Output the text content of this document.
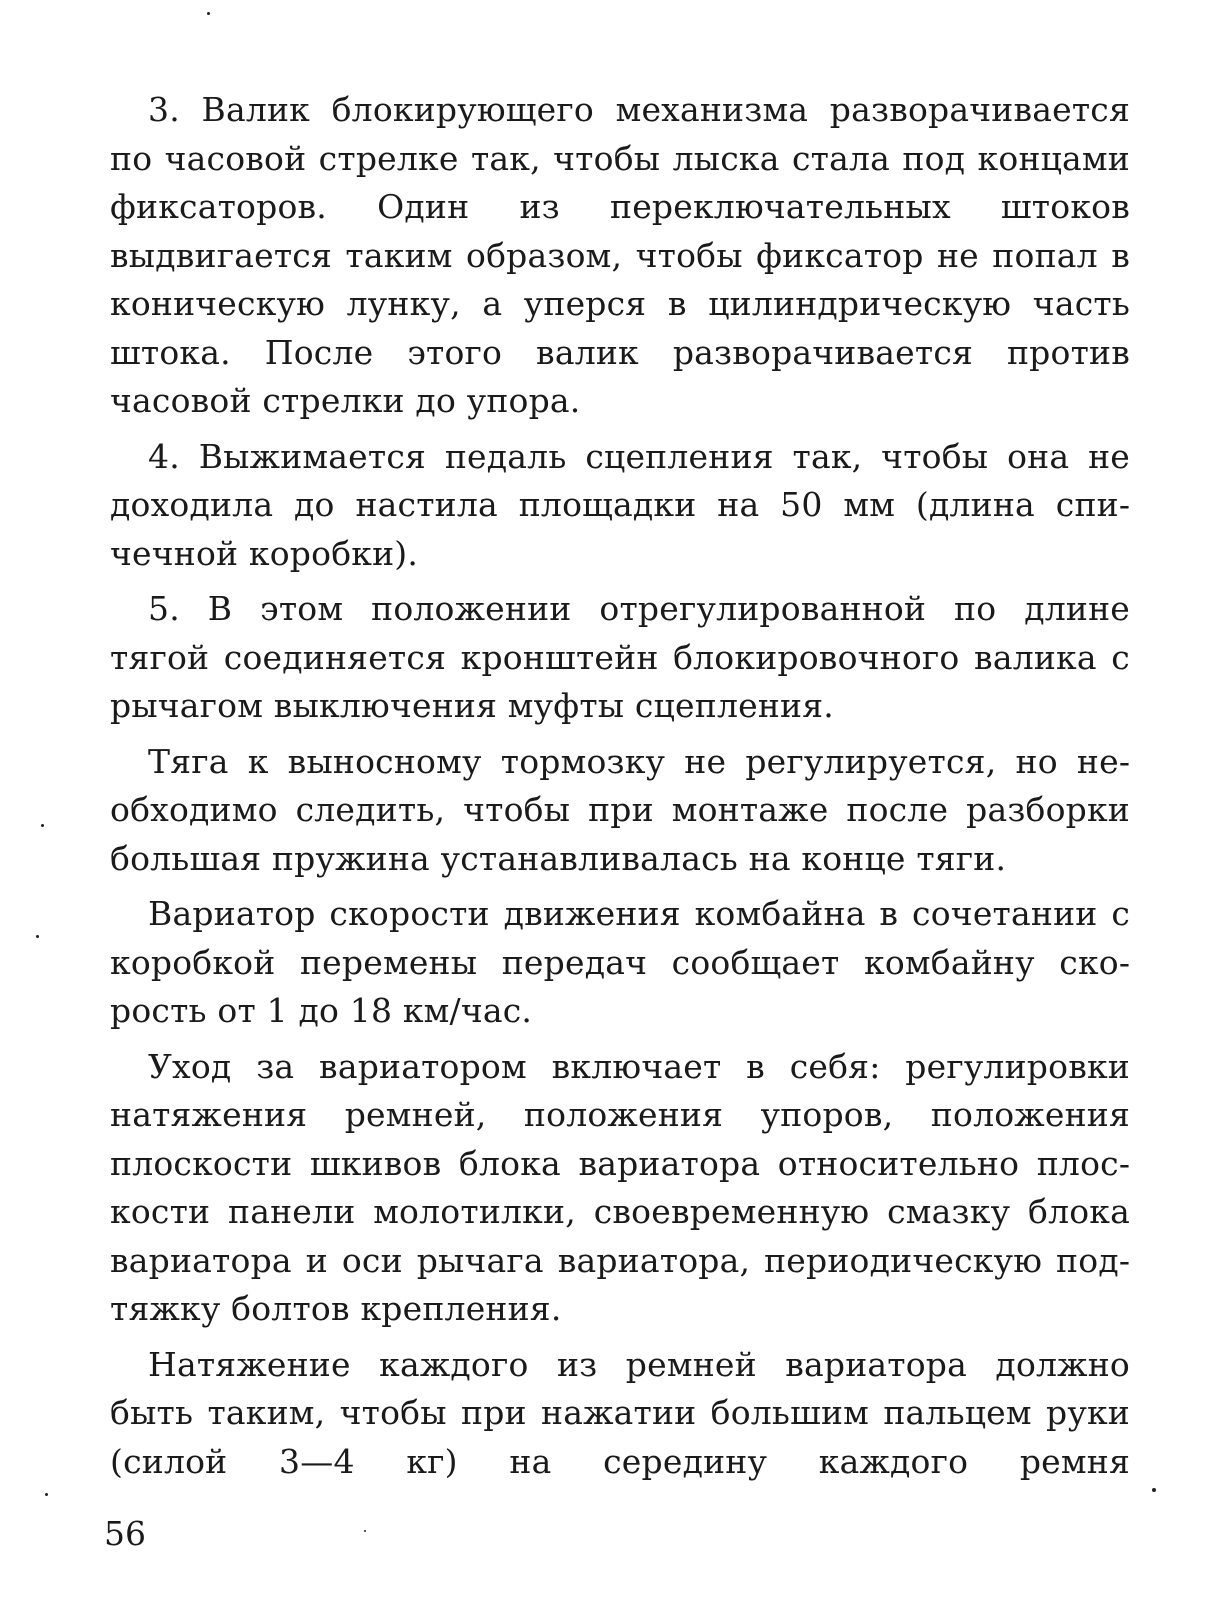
3. Валик блокирующего механизма разворачивается по часовой стрелке так, чтобы лыска стала под концами фиксаторов. Один из переключательных штоков выдвигается таким образом, чтобы фиксатор не попал в коническую лунку, а уперся в цилиндрическую часть штока. После этого валик разворачивается против часовой стрелки до упора.

4. Выжимается педаль сцепления так, чтобы она не доходила до настила площадки на 50 мм (длина спичечной коробки).

5. В этом положении отрегулированной по длине тягой соединяется кронштейн блокировочного валика с рычагом выключения муфты сцепления.

Тяга к выносному тормозку не регулируется, но необходимо следить, чтобы при монтаже после разборки большая пружина устанавливалась на конце тяги.

Вариатор скорости движения комбайна в сочетании с коробкой перемены передач сообщает комбайну скорость от 1 до 18 км/час.

Уход за вариатором включает в себя: регулировки натяжения ремней, положения упоров, положения плоскости шкивов блока вариатора относительно плоскости панели молотилки, своевременную смазку блока вариатора и оси рычага вариатора, периодическую подтяжку болтов крепления.

Натяжение каждого из ремней вариатора должно быть таким, чтобы при нажатии большим пальцем руки (силой 3—4 кг) на середину каждого ремня

56
